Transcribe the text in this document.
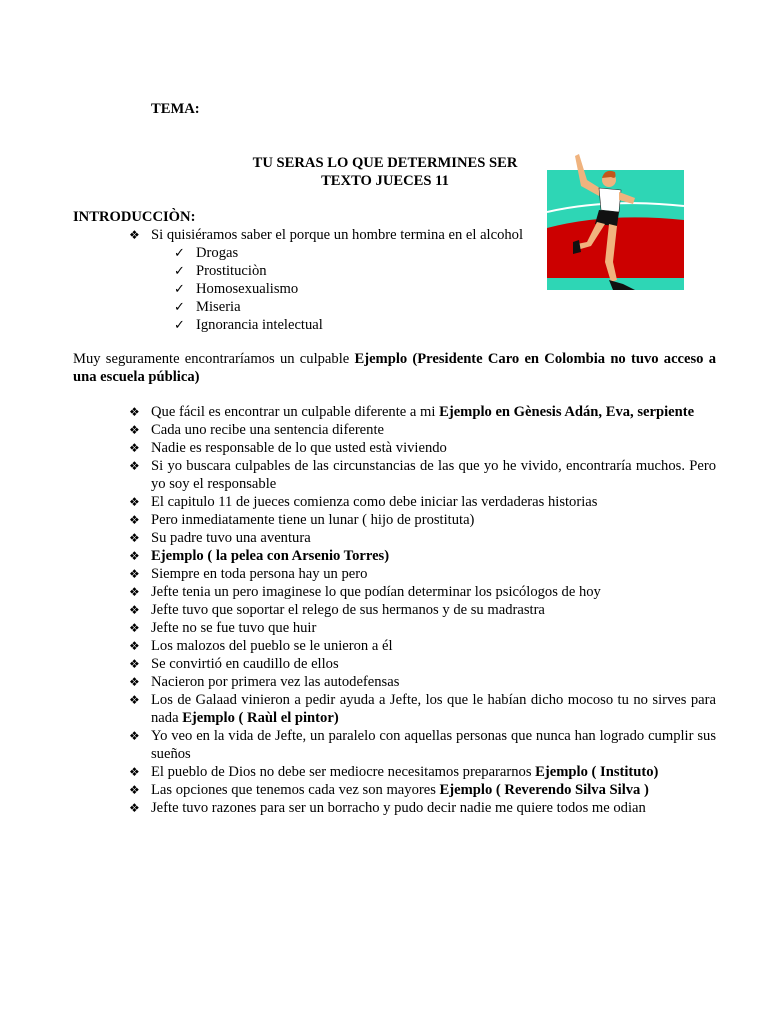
TEMA:
TU SERAS LO QUE DETERMINES SER
TEXTO JUECES 11
INTRODUCCIÒN:
❖ Si quisiéramos saber el porque un hombre termina en el alcohol
✓ Drogas
✓ Prostituciòn
✓ Homosexualismo
✓ Miseria
✓ Ignorancia intelectual
Muy seguramente encontraríamos un culpable Ejemplo (Presidente Caro en Colombia no tuvo acceso a una escuela pública)
❖ Que fácil es encontrar un culpable diferente a mi Ejemplo en Gènesis Adán, Eva, serpiente
❖ Cada uno recibe una sentencia diferente
❖ Nadie es responsable de lo que usted està viviendo
❖ Si yo buscara culpables de las circunstancias de las que yo he vivido, encontraría muchos. Pero yo soy el responsable
❖ El capitulo 11 de jueces comienza como debe iniciar las verdaderas historias
❖ Pero inmediatamente tiene un lunar ( hijo de prostituta)
❖ Su padre tuvo una aventura
❖ Ejemplo ( la pelea con Arsenio Torres)
❖ Siempre en toda persona hay un pero
❖ Jefte tenia un pero imaginese lo que podían determinar los psicólogos de hoy
❖ Jefte tuvo que soportar el relego de sus hermanos y de su madrastra
❖ Jefte no se fue tuvo que huir
❖ Los malozos del pueblo se le unieron a él
❖ Se convirtió en caudillo de ellos
❖ Nacieron por primera vez las autodefensas
❖ Los de Galaad vinieron a pedir ayuda a Jefte, los que le habían dicho mocoso tu no sirves para nada Ejemplo ( Raùl el pintor)
❖ Yo veo en la vida de Jefte, un paralelo con aquellas personas que nunca han logrado cumplir sus sueños
❖ El pueblo de Dios no debe ser mediocre necesitamos prepararnos Ejemplo ( Instituto)
❖ Las opciones que tenemos cada vez son mayores Ejemplo ( Reverendo Silva Silva )
❖ Jefte tuvo razones para ser un borracho y pudo decir nadie me quiere todos me odian
